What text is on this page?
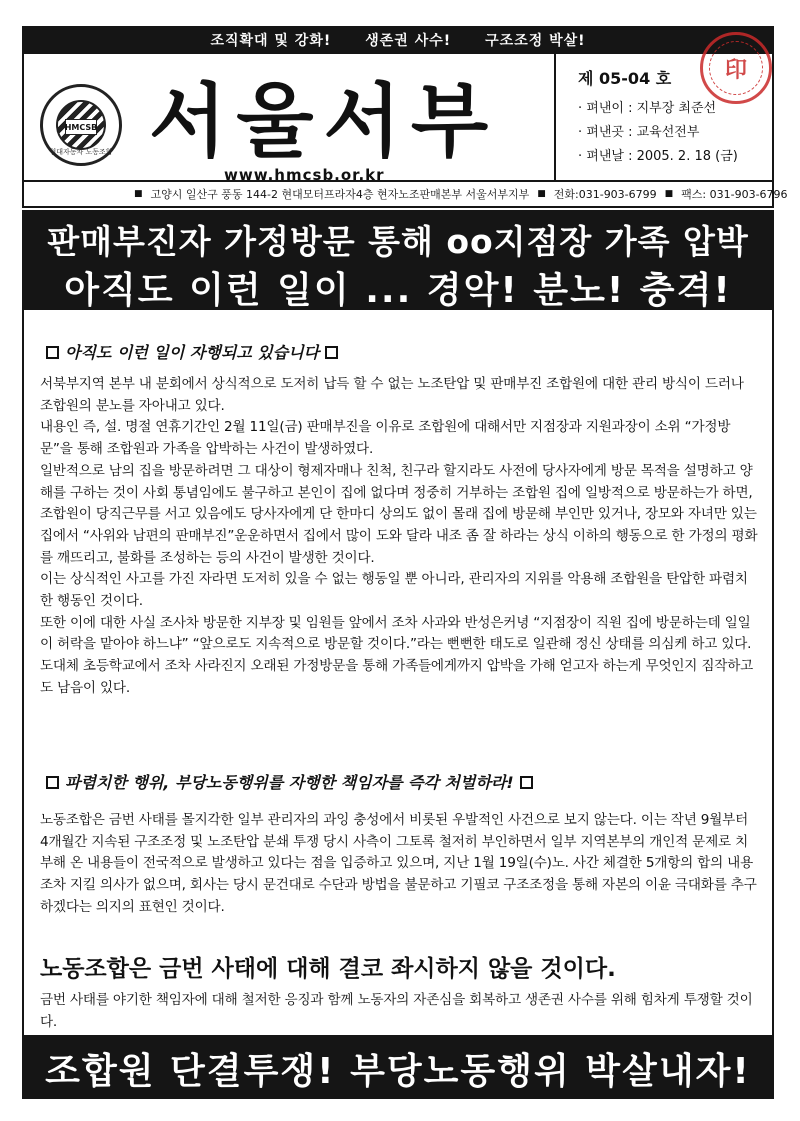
조직확대 및 강화! 생존권 사수! 구조조정 박살!
HMCSB
현대자동차 노동조합 서울서부
www.hmcsb.or.kr
제 05-04 호
· 펴낸이 : 지부장 최준선
· 펴낸곳 : 교육선전부
· 펴낸날 : 2005. 2. 18 (금)
■ 고양시 일산구 풍동 144-2 현대모터프라자4층 현자노조판매본부 서울서부지부 ■ 전화:031-903-6799 ■ 팩스: 031-903-6796
판매부진자 가정방문 통해 oo지점장 가족 압박
아직도 이런 일이 ... 경악! 분노! 충격!
아직도 이런 일이 자행되고 있습니다

서북부지역 본부 내 분회에서 상식적으로 도저히 납득 할 수 없는 노조탄압 및 판매부진 조합원에 대한 관리 방식이 드러나 조합원의 분노를 자아내고 있다.

내용인 즉, 설. 명절 연휴기간인 2월 11일(금) 판매부진을 이유로 조합원에 대해서만 지점장과 지원과장이 소위 “가정방문”을 통해 조합원과 가족을 압박하는 사건이 발생하였다.

일반적으로 남의 집을 방문하려면 그 대상이 형제자매나 친척, 친구라 할지라도 사전에 당사자에게 방문 목적을 설명하고 양해를 구하는 것이 사회 통념임에도 불구하고 본인이 집에 없다며 정중히 거부하는 조합원 집에 일방적으로 방문하는가 하면, 조합원이 당직근무를 서고 있음에도 당사자에게 단 한마디 상의도 없이 몰래 집에 방문해 부인만 있거나, 장모와 자녀만 있는 집에서 “사위와 남편의 판매부진”운운하면서 집에서 많이 도와 달라 내조 좀 잘 하라는 상식 이하의 행동으로 한 가정의 평화를 깨뜨리고, 불화를 조성하는 등의 사건이 발생한 것이다.

이는 상식적인 사고를 가진 자라면 도저히 있을 수 없는 행동일 뿐 아니라, 관리자의 지위를 악용해 조합원을 탄압한 파렴치한 행동인 것이다.

또한 이에 대한 사실 조사차 방문한 지부장 및 임원들 앞에서 조차 사과와 반성은커녕 “지점장이 직원 집에 방문하는데 일일이 허락을 맡아야 하느냐” “앞으로도 지속적으로 방문할 것이다.”라는 뻔뻔한 태도로 일관해 정신 상태를 의심케 하고 있다.

도대체 초등학교에서 조차 사라진지 오래된 가정방문을 통해 가족들에게까지 압박을 가해 얻고자 하는게 무엇인지 짐작하고도 남음이 있다.

파렴치한 행위, 부당노동행위를 자행한 책임자를 즉각 처벌하라!

노동조합은 금번 사태를 몰지각한 일부 관리자의 과잉 충성에서 비롯된 우발적인 사건으로 보지 않는다. 이는 작년 9월부터 4개월간 지속된 구조조정 및 노조탄압 분쇄 투쟁 당시 사측이 그토록 철저히 부인하면서 일부 지역본부의 개인적 문제로 치부해 온 내용들이 전국적으로 발생하고 있다는 점을 입증하고 있으며, 지난 1월 19일(수)노. 사간 체결한 5개항의 합의 내용조차 지킬 의사가 없으며, 회사는 당시 문건대로 수단과 방법을 불문하고 기필코 구조조정을 통해 자본의 이윤 극대화를 추구하겠다는 의지의 표현인 것이다.

노동조합은 금번 사태에 대해 결코 좌시하지 않을 것이다.
금번 사태를 야기한 책임자에 대해 철저한 응징과 함께 노동자의 자존심을 회복하고 생존권 사수를 위해 힘차게 투쟁할 것이다.
조합원 단결투쟁! 부당노동행위 박살내자!
印
